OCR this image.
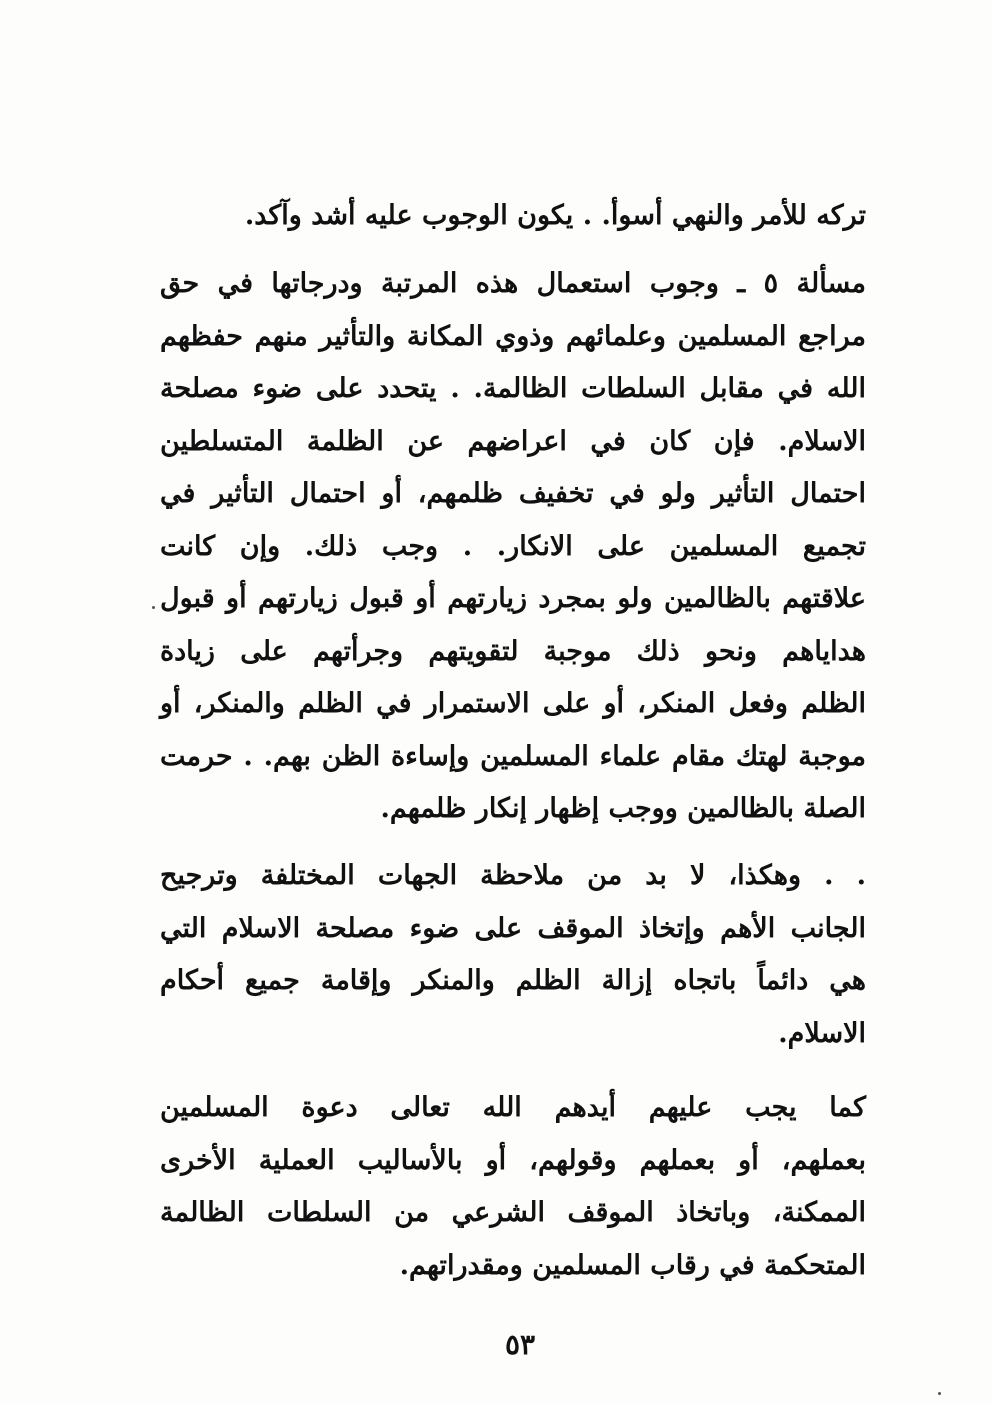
تركه للأمر والنهي أسوأ. . يكون الوجوب عليه أشد وآكد.
مسألة ٥ ـ وجوب استعمال هذه المرتبة ودرجاتها في حق
مراجع المسلمين وعلمائهم وذوي المكانة والتأثير منهم حفظهم
الله في مقابل السلطات الظالمة. . يتحدد على ضوء مصلحة
الاسلام. فإن كان في اعراضهم عن الظلمة المتسلطين
احتمال التأثير ولو في تخفيف ظلمهم، أو احتمال التأثير في
تجميع المسلمين على الانكار. . وجب ذلك. وإن كانت
علاقتهم بالظالمين ولو بمجرد زيارتهم أو قبول زيارتهم أو قبول
هداياهم ونحو ذلك موجبة لتقويتهم وجرأتهم على زيادة
الظلم وفعل المنكر، أو على الاستمرار في الظلم والمنكر، أو
موجبة لهتك مقام علماء المسلمين وإساءة الظن بهم. . حرمت
الصلة بالظالمين ووجب إظهار إنكار ظلمهم.
. . وهكذا، لا بد من ملاحظة الجهات المختلفة وترجيح
الجانب الأهم وإتخاذ الموقف على ضوء مصلحة الاسلام التي
هي دائماً باتجاه إزالة الظلم والمنكر وإقامة جميع أحكام
الاسلام.
كما يجب عليهم أيدهم الله تعالى دعوة المسلمين
بعملهم، أو بعملهم وقولهم، أو بالأساليب العملية الأخرى
الممكنة، وباتخاذ الموقف الشرعي من السلطات الظالمة
المتحكمة في رقاب المسلمين ومقدراتهم.
٥٣
